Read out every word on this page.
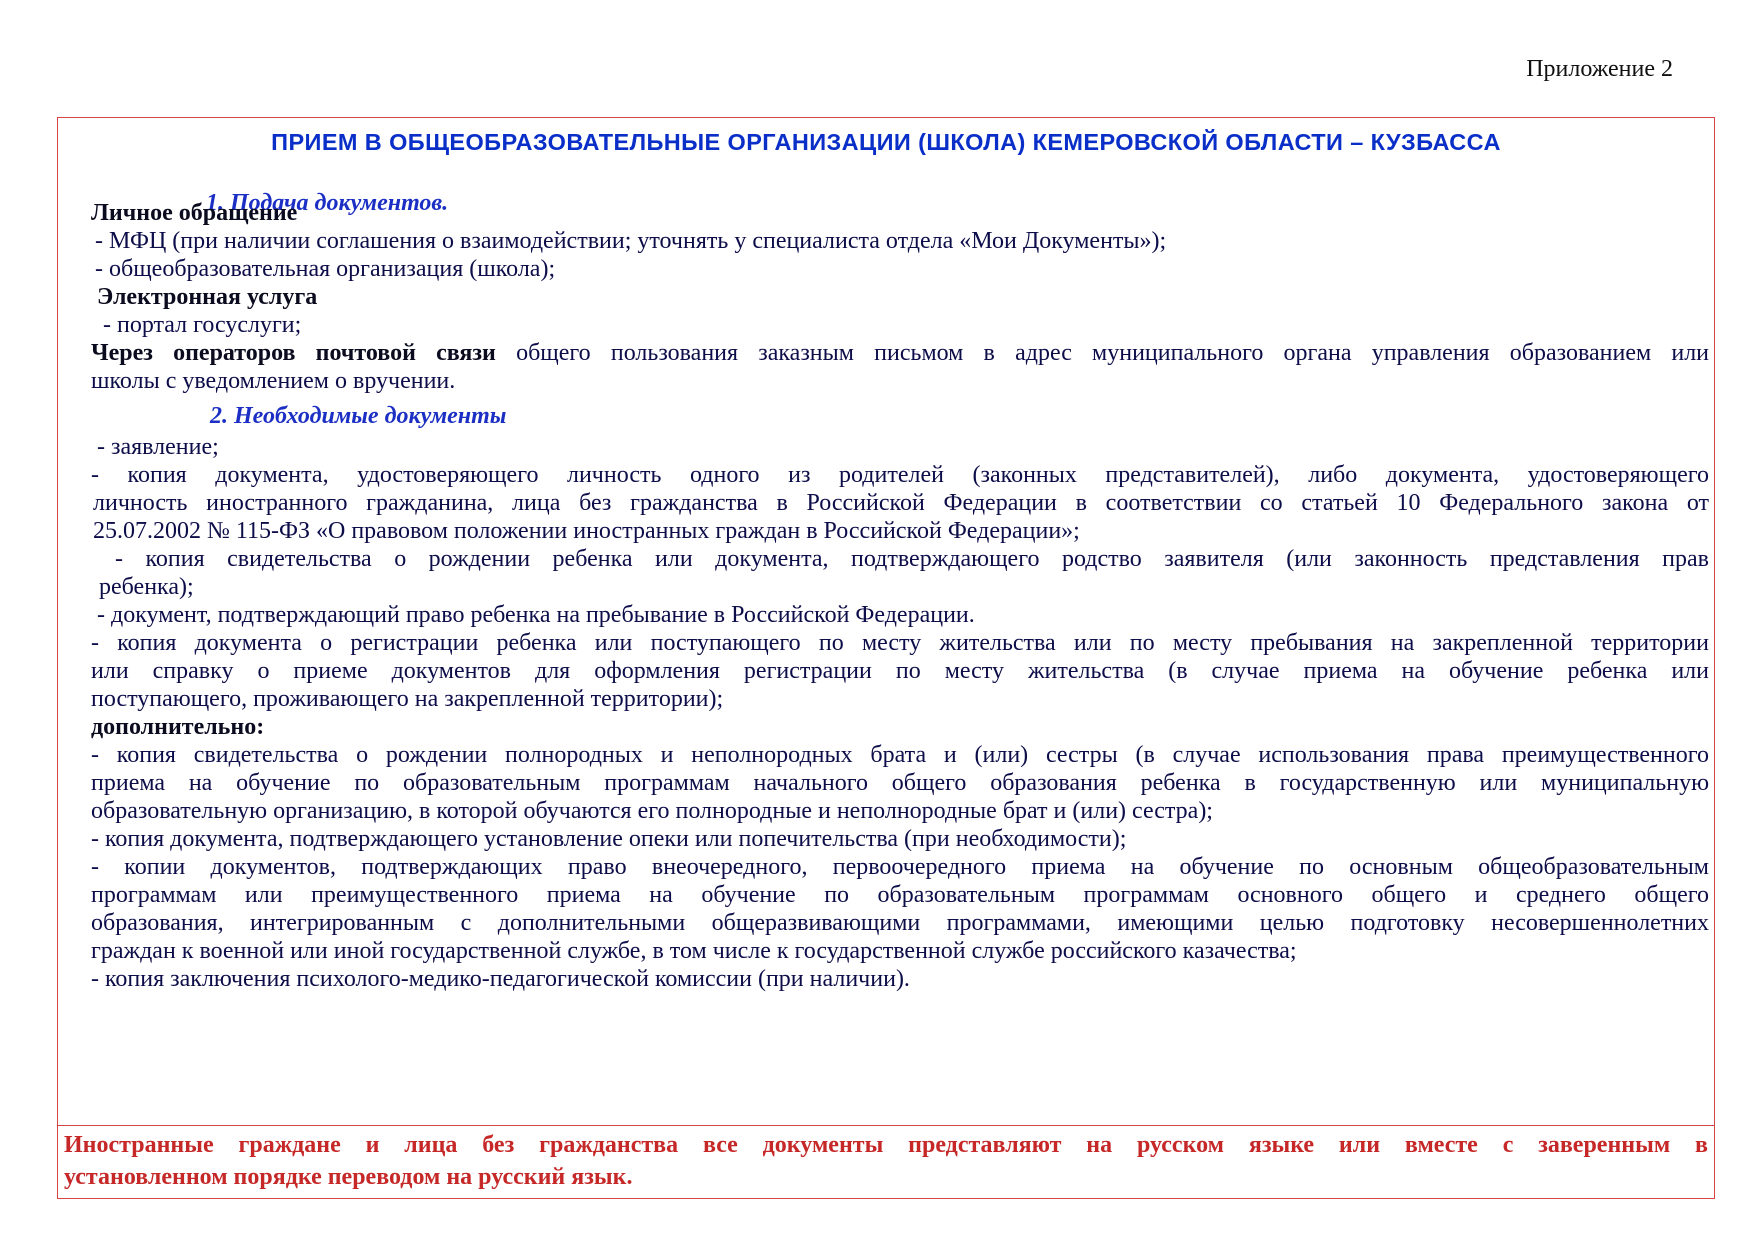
Приложение 2
ПРИЕМ В ОБЩЕОБРАЗОВАТЕЛЬНЫЕ ОРГАНИЗАЦИИ (ШКОЛА) КЕМЕРОВСКОЙ ОБЛАСТИ – КУЗБАССА
1. Подача документов.
Личное обращение
- МФЦ (при наличии соглашения о взаимодействии; уточнять у специалиста отдела «Мои Документы»);
- общеобразовательная организация (школа);
Электронная услуга
- портал госуслуги;
Через операторов почтовой связи общего пользования заказным письмом в адрес муниципального органа управления образованием или
школы с уведомлением о вручении.
2. Необходимые документы
- заявление;
- копия документа, удостоверяющего личность одного из родителей (законных представителей), либо документа, удостоверяющего
личность иностранного гражданина, лица без гражданства в Российской Федерации в соответствии со статьей 10 Федерального закона от
25.07.2002 № 115-ФЗ «О правовом положении иностранных граждан в Российской Федерации»;
- копия свидетельства о рождении ребенка или документа, подтверждающего родство заявителя (или законность представления прав
ребенка);
- документ, подтверждающий право ребенка на пребывание в Российской Федерации.
- копия документа о регистрации ребенка или поступающего по месту жительства или по месту пребывания на закрепленной территории
или справку о приеме документов для оформления регистрации по месту жительства (в случае приема на обучение ребенка или
поступающего, проживающего на закрепленной территории);
дополнительно:
- копия свидетельства о рождении полнородных и неполнородных брата и (или) сестры (в случае использования права преимущественного
приема на обучение по образовательным программам начального общего образования ребенка в государственную или муниципальную
образовательную организацию, в которой обучаются его полнородные и неполнородные брат и (или) сестра);
- копия документа, подтверждающего установление опеки или попечительства (при необходимости);
- копии документов, подтверждающих право внеочередного, первоочередного приема на обучение по основным общеобразовательным
программам или преимущественного приема на обучение по образовательным программам основного общего и среднего общего
образования, интегрированным с дополнительными общеразвивающими программами, имеющими целью подготовку несовершеннолетних
граждан к военной или иной государственной службе, в том числе к государственной службе российского казачества;
- копия заключения психолого-медико-педагогической комиссии (при наличии).
Иностранные граждане и лица без гражданства все документы представляют на русском языке или вместе с заверенным в
установленном порядке переводом на русский язык.
